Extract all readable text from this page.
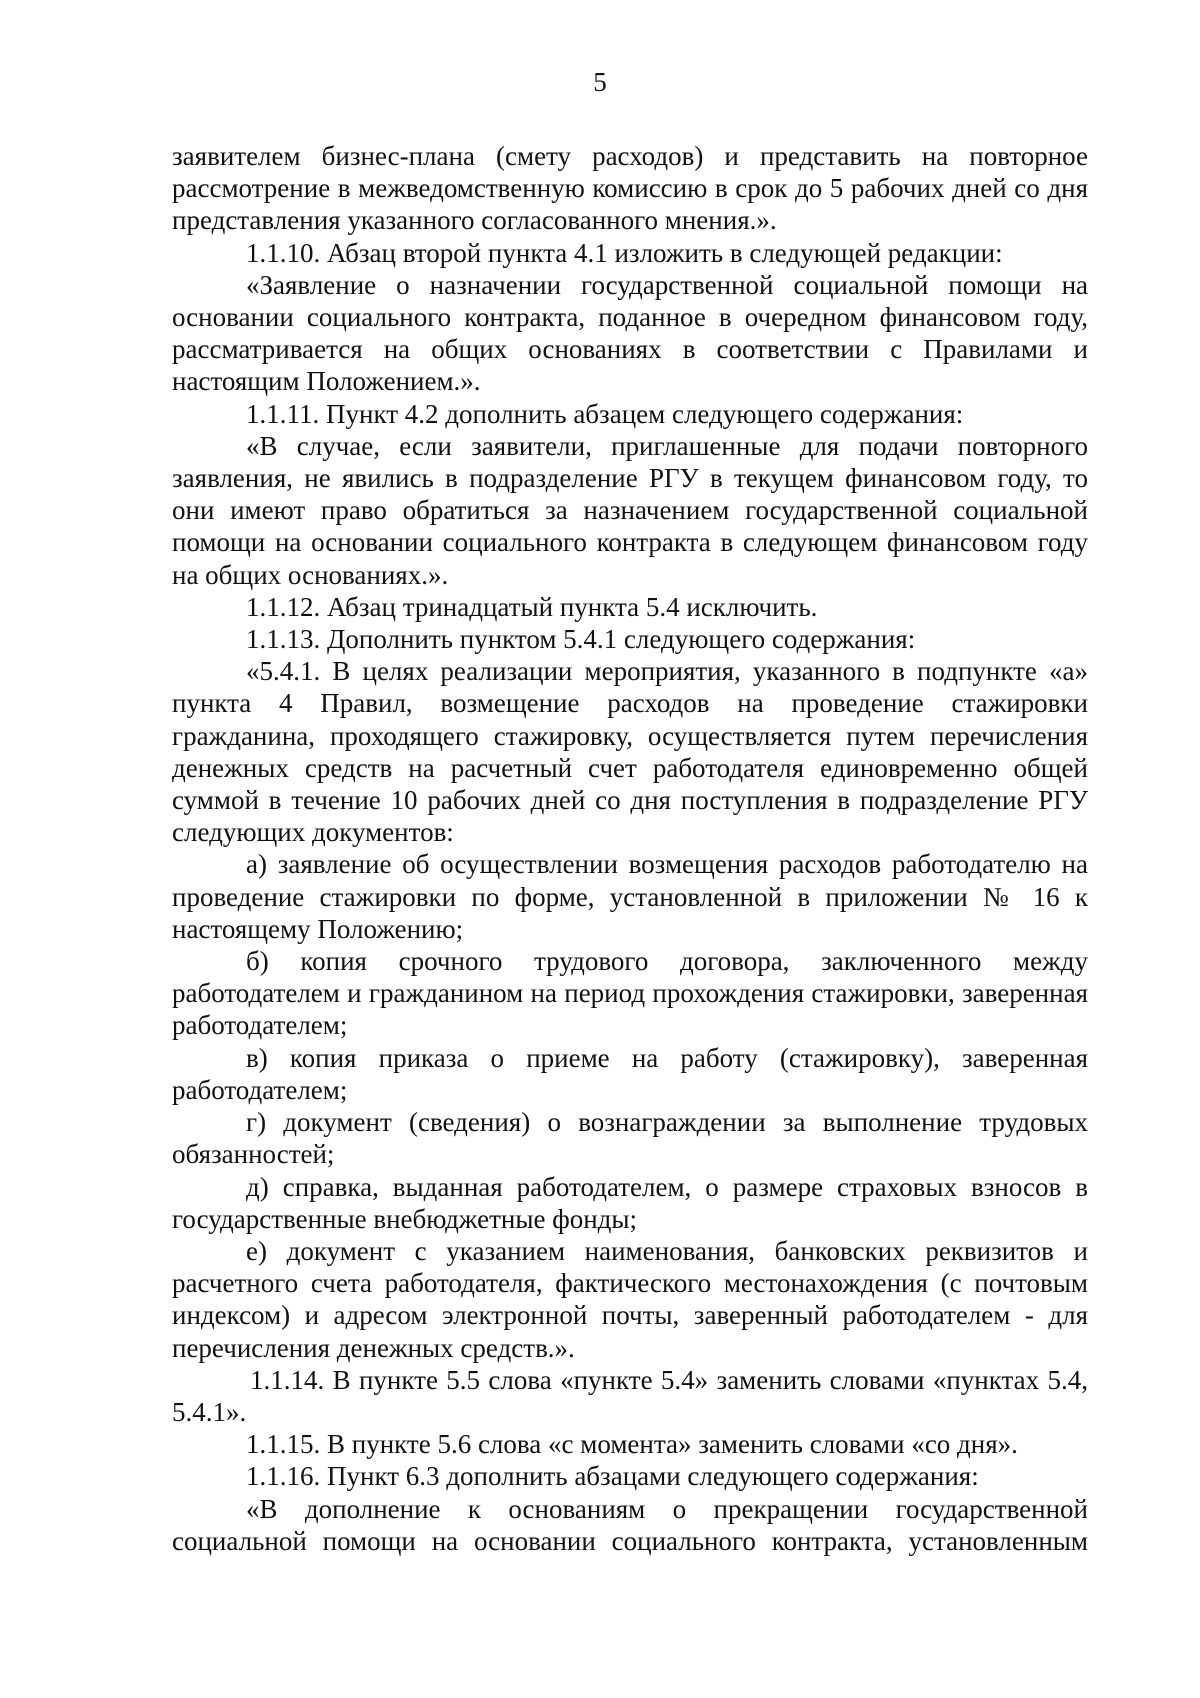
5

заявителем бизнес-плана (смету расходов) и представить на повторное рассмотрение в межведомственную комиссию в срок до 5 рабочих дней со дня представления указанного согласованного мнения.».

1.1.10. Абзац второй пункта 4.1 изложить в следующей редакции:

«Заявление о назначении государственной социальной помощи на основании социального контракта, поданное в очередном финансовом году, рассматривается на общих основаниях в соответствии с Правилами и настоящим Положением.».

1.1.11. Пункт 4.2 дополнить абзацем следующего содержания:

«В случае, если заявители, приглашенные для подачи повторного заявления, не явились в подразделение РГУ в текущем финансовом году, то они имеют право обратиться за назначением государственной социальной помощи на основании социального контракта в следующем финансовом году на общих основаниях.».

1.1.12. Абзац тринадцатый пункта 5.4 исключить.

1.1.13. Дополнить пунктом 5.4.1 следующего содержания:

«5.4.1. В целях реализации мероприятия, указанного в подпункте «а» пункта 4 Правил, возмещение расходов на проведение стажировки гражданина, проходящего стажировку, осуществляется путем перечисления денежных средств на расчетный счет работодателя единовременно общей суммой в течение 10 рабочих дней со дня поступления в подразделение РГУ следующих документов:

а) заявление об осуществлении возмещения расходов работодателю на проведение стажировки по форме, установленной в приложении № 16 к настоящему Положению;

б) копия срочного трудового договора, заключенного между работодателем и гражданином на период прохождения стажировки, заверенная работодателем;

в) копия приказа о приеме на работу (стажировку), заверенная работодателем;

г) документ (сведения) о вознаграждении за выполнение трудовых обязанностей;

д) справка, выданная работодателем, о размере страховых взносов в государственные внебюджетные фонды;

е) документ с указанием наименования, банковских реквизитов и расчетного счета работодателя, фактического местонахождения (с почтовым индексом) и адресом электронной почты, заверенный работодателем - для перечисления денежных средств.».

1.1.14. В пункте 5.5 слова «пункте 5.4» заменить словами «пунктах 5.4, 5.4.1».

1.1.15. В пункте 5.6 слова «с момента» заменить словами «со дня».

1.1.16. Пункт 6.3 дополнить абзацами следующего содержания:

«В дополнение к основаниям о прекращении государственной социальной помощи на основании социального контракта, установленным
